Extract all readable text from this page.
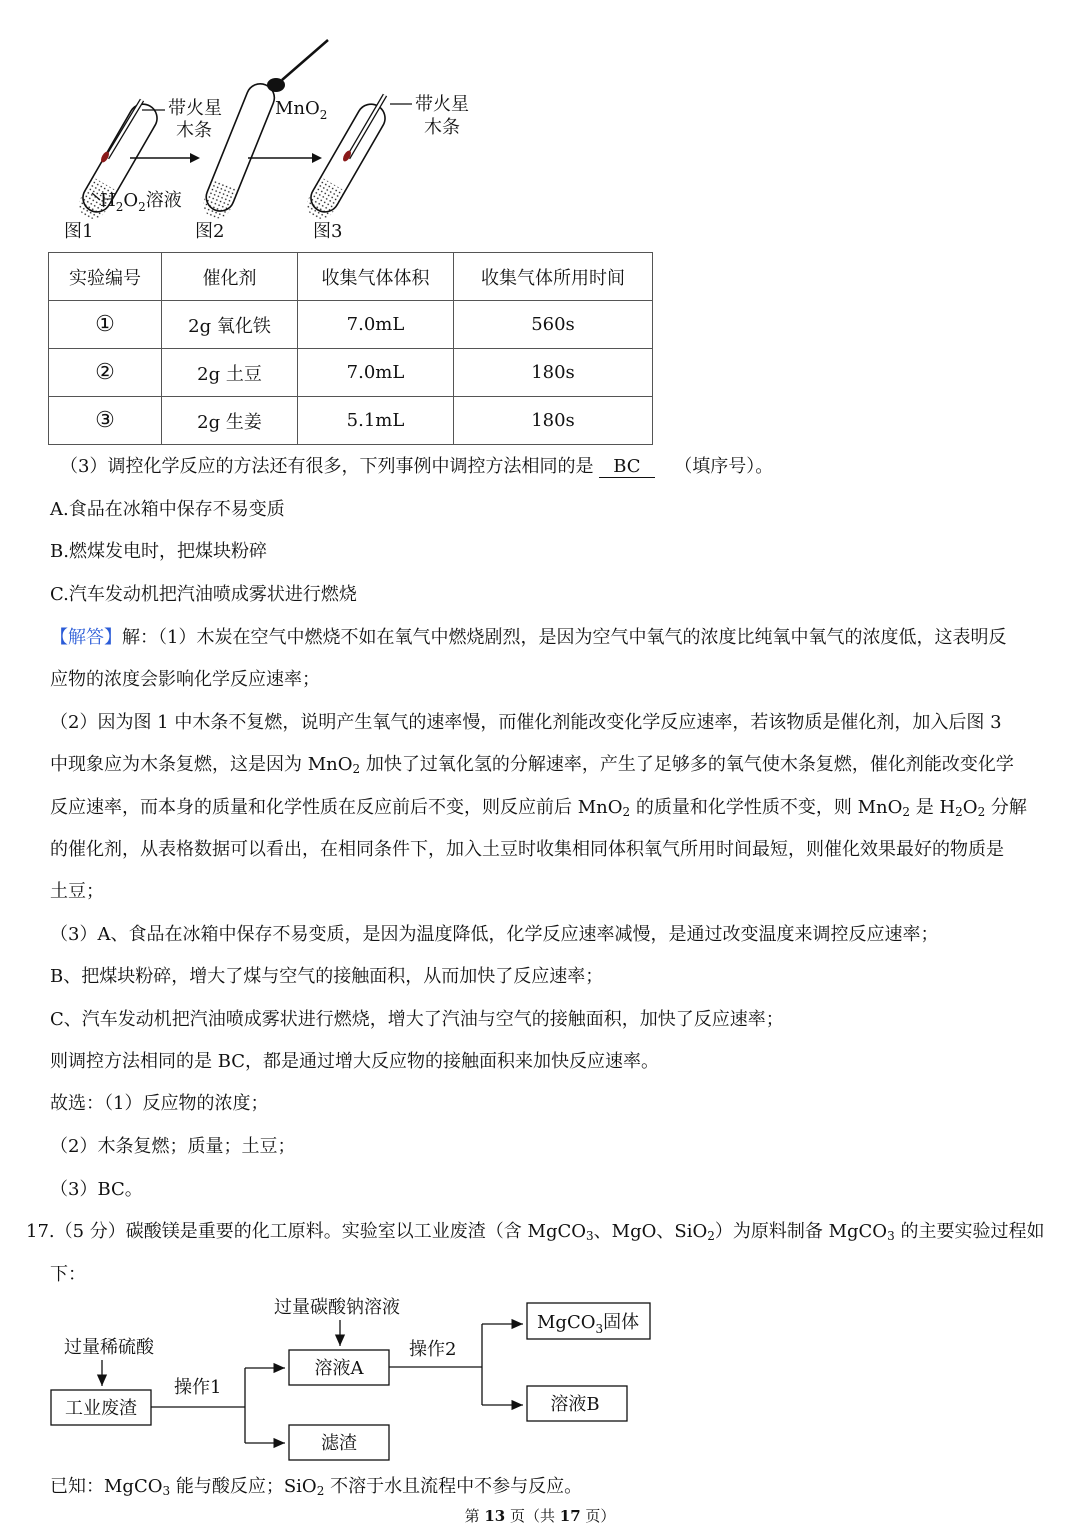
带火星
木条
$H_2O_2$溶液
图1
MnO$_2$
图2
带火星
木条
图3
实验编号	催化剂	收集气体体积	收集气体所用时间
①	2g 氧化铁	7.0mL	560s
②	2g 土豆	7.0mL	180s
③	2g 生姜	5.1mL	180s
（3）调控化学反应的方法还有很多，下列事例中调控方法相同的是 BC （填序号）。
A.食品在冰箱中保存不易变质
B.燃煤发电时，把煤块粉碎
C.汽车发动机把汽油喷成雾状进行燃烧
【解答】解：（1）木炭在空气中燃烧不如在氧气中燃烧剧烈，是因为空气中氧气的浓度比纯氧中氧气的浓度低，这表明反
应物的浓度会影响化学反应速率；
（2）因为图 1 中木条不复燃，说明产生氧气的速率慢，而催化剂能改变化学反应速率，若该物质是催化剂，加入后图 3
中现象应为木条复燃，这是因为 MnO$_2$ 加快了过氧化氢的分解速率，产生了足够多的氧气使木条复燃，催化剂能改变化学
反应速率，而本身的质量和化学性质在反应前后不变，则反应前后 MnO$_2$ 的质量和化学性质不变，则 MnO$_2$ 是 $H_2O_2$ 分解
的催化剂，从表格数据可以看出，在相同条件下，加入土豆时收集相同体积氧气所用时间最短，则催化效果最好的物质是
土豆；
（3）A、食品在冰箱中保存不易变质，是因为温度降低，化学反应速率减慢，是通过改变温度来调控反应速率；
B、把煤块粉碎，增大了煤与空气的接触面积，从而加快了反应速率；
C、汽车发动机把汽油喷成雾状进行燃烧，增大了汽油与空气的接触面积，加快了反应速率；
则调控方法相同的是 BC，都是通过增大反应物的接触面积来加快反应速率。
故选：（1）反应物的浓度；
（2）木条复燃；质量；土豆；
（3）BC。
17.（5 分）碳酸镁是重要的化工原料。实验室以工业废渣（含 MgCO$_3$、MgO、SiO$_2$）为原料制备 MgCO$_3$ 的主要实验过程如
下：
过量稀硫酸
工业废渣
操作1
过量碳酸钠溶液
溶液A
滤渣
操作2
MgCO$_3$固体
溶液B
已知：MgCO$_3$ 能与酸反应；SiO$_2$ 不溶于水且流程中不参与反应。
第 13 页（共 17 页）
